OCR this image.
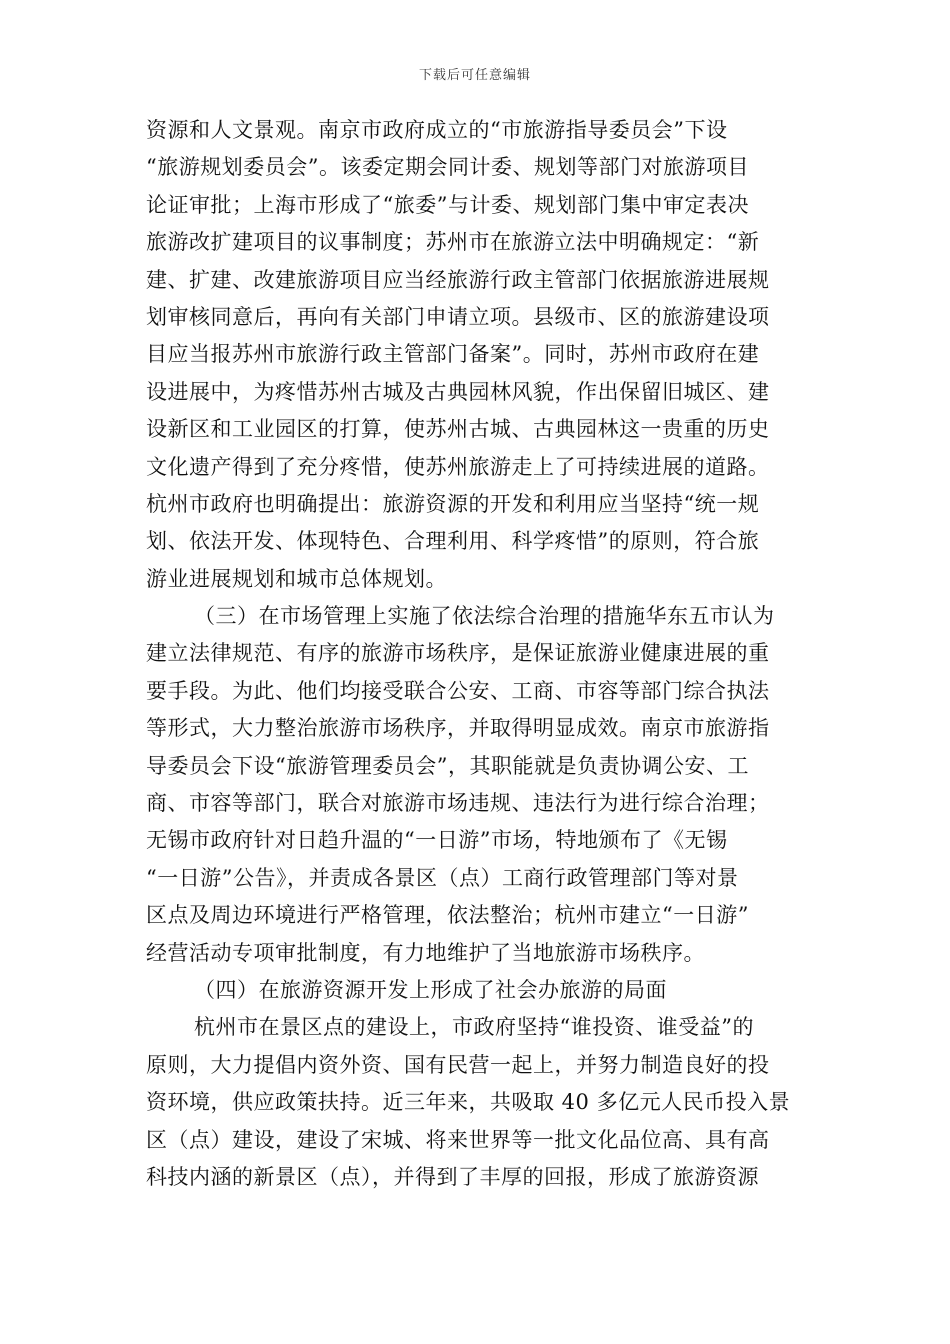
下载后可任意编辑
资源和人文景观。南京市政府成立的“市旅游指导委员会”下设
“旅游规划委员会”。该委定期会同计委、规划等部门对旅游项目
论证审批；上海市形成了“旅委”与计委、规划部门集中审定表决
旅游改扩建项目的议事制度；苏州市在旅游立法中明确规定：“新
建、扩建、改建旅游项目应当经旅游行政主管部门依据旅游进展规
划审核同意后，再向有关部门申请立项。县级市、区的旅游建设项
目应当报苏州市旅游行政主管部门备案”。同时，苏州市政府在建
设进展中，为疼惜苏州古城及古典园林风貌，作出保留旧城区、建
设新区和工业园区的打算，使苏州古城、古典园林这一贵重的历史
文化遗产得到了充分疼惜，使苏州旅游走上了可持续进展的道路。
杭州市政府也明确提出：旅游资源的开发和利用应当坚持“统一规
划、依法开发、体现特色、合理利用、科学疼惜”的原则，符合旅
游业进展规划和城市总体规划。
（三）在市场管理上实施了依法综合治理的措施华东五市认为
建立法律规范、有序的旅游市场秩序，是保证旅游业健康进展的重
要手段。为此、他们均接受联合公安、工商、市容等部门综合执法
等形式，大力整治旅游市场秩序，并取得明显成效。南京市旅游指
导委员会下设“旅游管理委员会”，其职能就是负责协调公安、工
商、市容等部门，联合对旅游市场违规、违法行为进行综合治理；
无锡市政府针对日趋升温的“一日游”市场，特地颁布了《无锡
“一日游”公告》，并责成各景区（点）工商行政管理部门等对景
区点及周边环境进行严格管理，依法整治；杭州市建立“一日游”
经营活动专项审批制度，有力地维护了当地旅游市场秩序。
（四）在旅游资源开发上形成了社会办旅游的局面
杭州市在景区点的建设上，市政府坚持“谁投资、谁受益”的
原则，大力提倡内资外资、国有民营一起上，并努力制造良好的投
资环境，供应政策扶持。近三年来，共吸取 40 多亿元人民币投入景
区（点）建设，建设了宋城、将来世界等一批文化品位高、具有高
科技内涵的新景区（点），并得到了丰厚的回报，形成了旅游资源
